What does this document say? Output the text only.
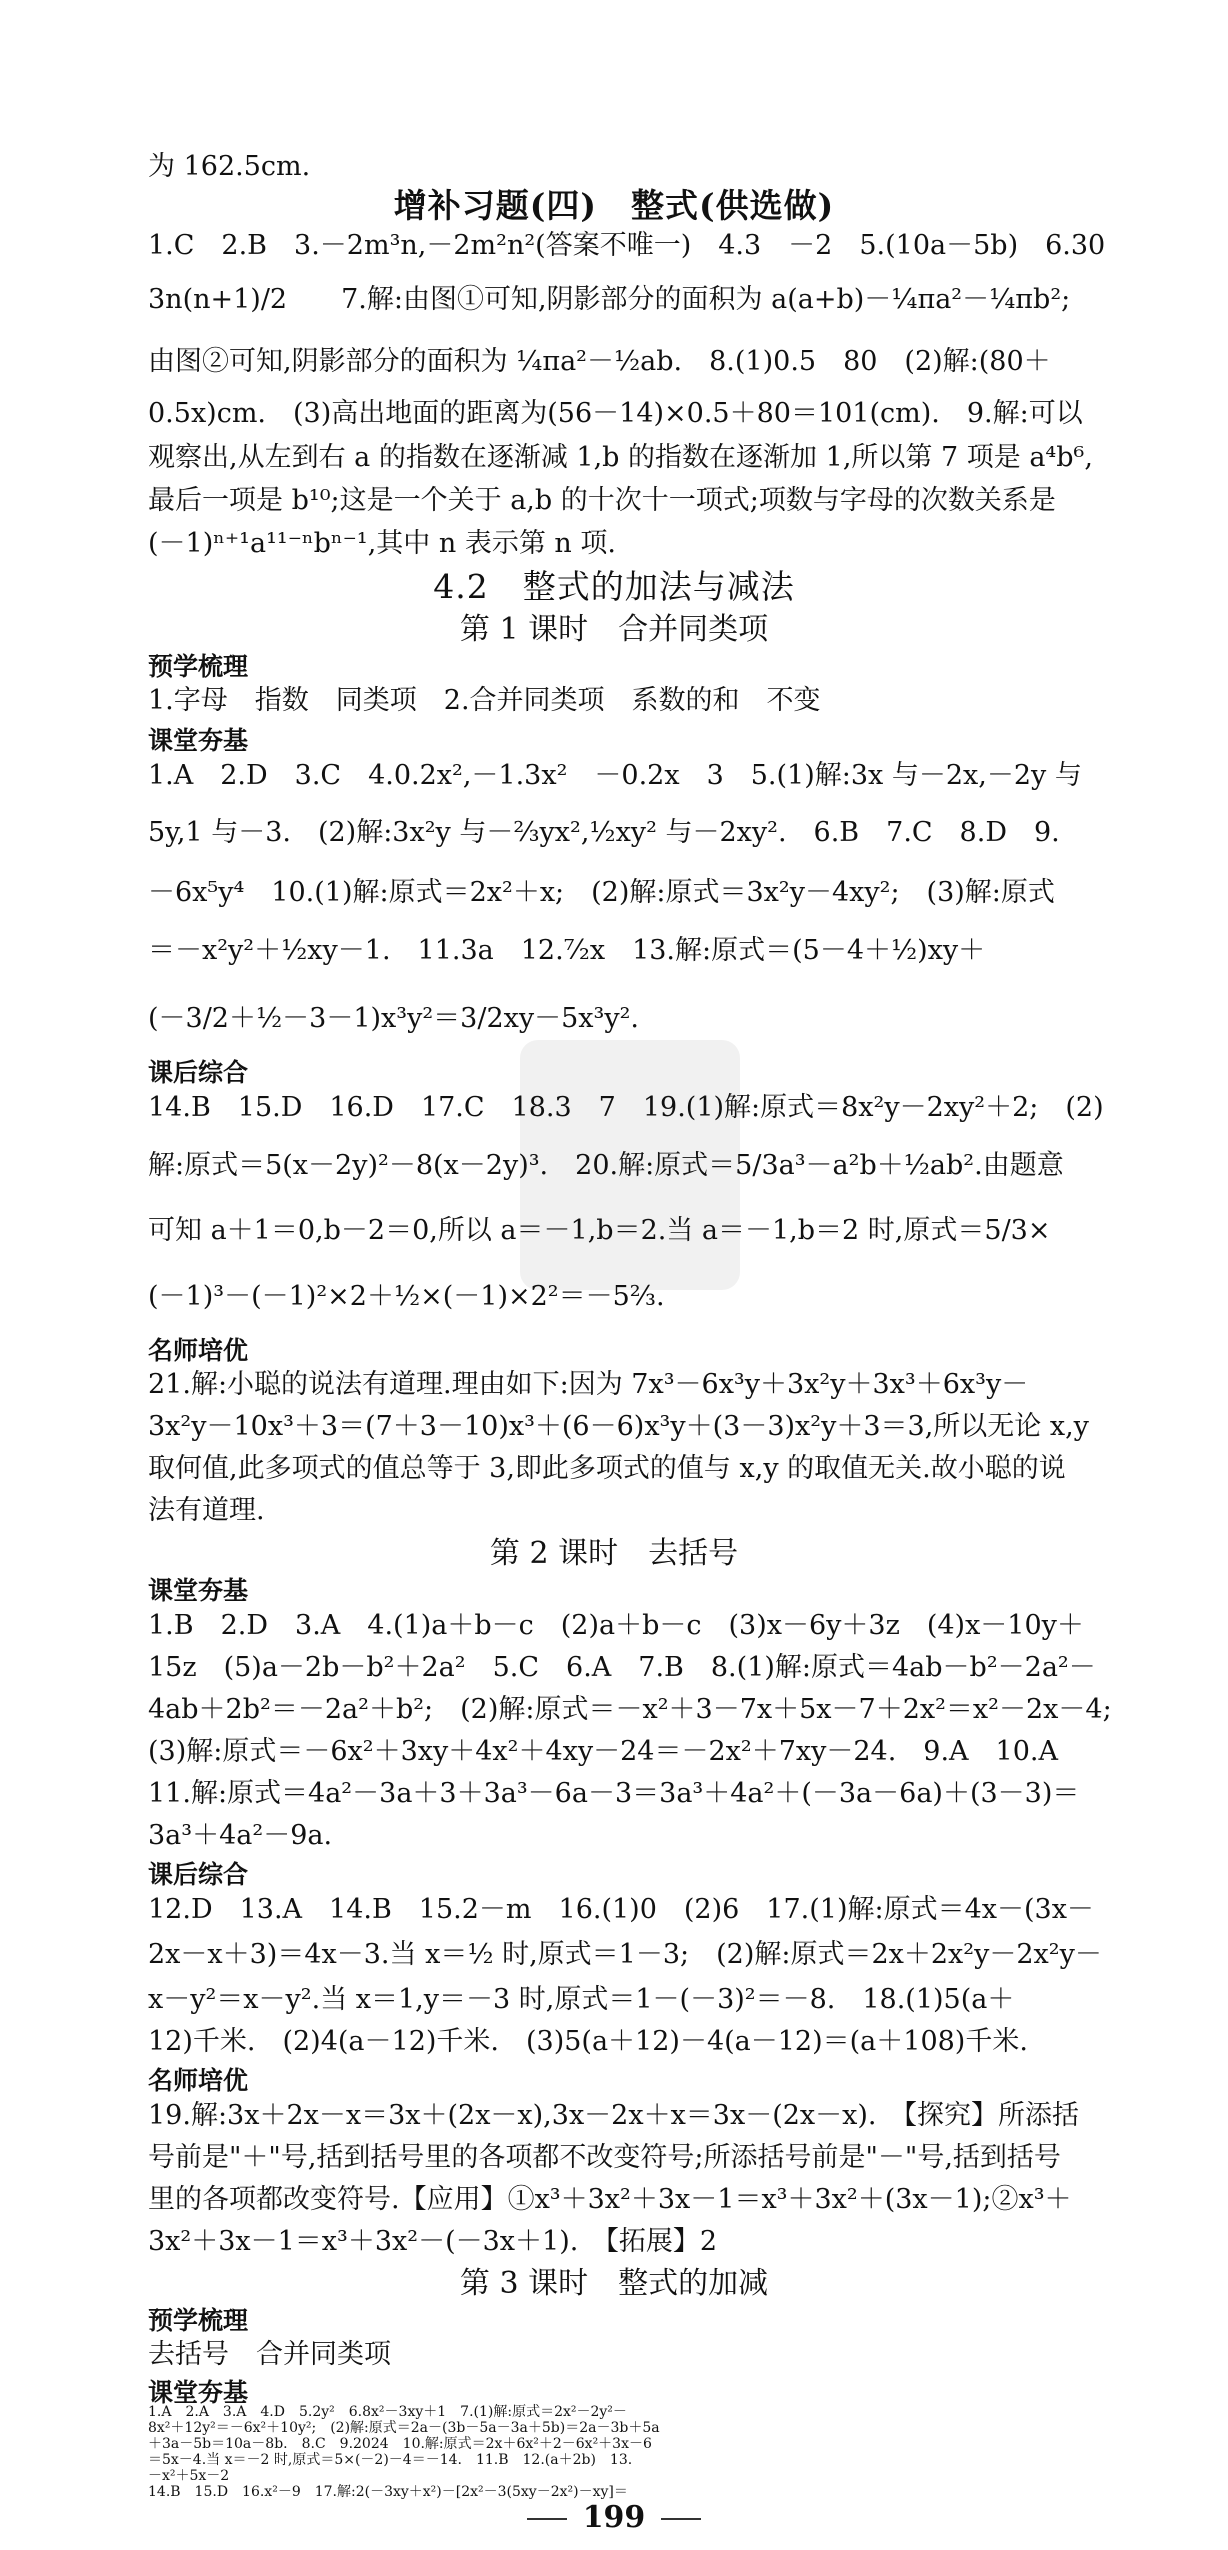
为 162.5cm.
增补习题(四)　整式(供选做)
1.C　2.B　3.－2m³n,－2m²n²(答案不唯一)　4.3　－2　5.(10a－5b)　6.30
3n(n+1)/2　　7.解:由图①可知,阴影部分的面积为 a(a+b)－¼πa²－¼πb²;
由图②可知,阴影部分的面积为 ¼πa²－½ab.　8.(1)0.5　80　(2)解:(80＋
0.5x)cm.　(3)高出地面的距离为(56－14)×0.5＋80＝101(cm).　9.解:可以
观察出,从左到右 a 的指数在逐渐减 1,b 的指数在逐渐加 1,所以第 7 项是 a⁴b⁶,
最后一项是 b¹⁰;这是一个关于 a,b 的十次十一项式;项数与字母的次数关系是
(－1)ⁿ⁺¹a¹¹⁻ⁿbⁿ⁻¹,其中 n 表示第 n 项.
4.2　整式的加法与减法
第 1 课时　合并同类项
预学梳理
1.字母　指数　同类项　2.合并同类项　系数的和　不变
课堂夯基
1.A　2.D　3.C　4.0.2x²,－1.3x²　－0.2x　3　5.(1)解:3x 与－2x,－2y 与
5y,1 与－3.　(2)解:3x²y 与－⅔yx²,½xy² 与－2xy².　6.B　7.C　8.D　9.
－6x⁵y⁴　10.(1)解:原式＝2x²＋x;　(2)解:原式＝3x²y－4xy²;　(3)解:原式
＝－x²y²＋½xy－1.　11.3a　12.⁷⁄₂x　13.解:原式＝(5－4＋½)xy＋
(－3/2＋½－3－1)x³y²＝3/2xy－5x³y².
课后综合
14.B　15.D　16.D　17.C　18.3　7　19.(1)解:原式＝8x²y－2xy²＋2;　(2)
解:原式＝5(x－2y)²－8(x－2y)³.　20.解:原式＝5/3a³－a²b＋½ab².由题意
可知 a＋1＝0,b－2＝0,所以 a＝－1,b＝2.当 a＝－1,b＝2 时,原式＝5/3×
(－1)³－(－1)²×2＋½×(－1)×2²＝－5⅔.
名师培优
21.解:小聪的说法有道理.理由如下:因为 7x³－6x³y＋3x²y＋3x³＋6x³y－
3x²y－10x³＋3＝(7＋3－10)x³＋(6－6)x³y＋(3－3)x²y＋3＝3,所以无论 x,y
取何值,此多项式的值总等于 3,即此多项式的值与 x,y 的取值无关.故小聪的说
法有道理.
第 2 课时　去括号
课堂夯基
1.B　2.D　3.A　4.(1)a＋b－c　(2)a＋b－c　(3)x－6y＋3z　(4)x－10y＋
15z　(5)a－2b－b²＋2a²　5.C　6.A　7.B　8.(1)解:原式＝4ab－b²－2a²－
4ab＋2b²＝－2a²＋b²;　(2)解:原式＝－x²＋3－7x＋5x－7＋2x²＝x²－2x－4;
(3)解:原式＝－6x²＋3xy＋4x²＋4xy－24＝－2x²＋7xy－24.　9.A　10.A
11.解:原式＝4a²－3a＋3＋3a³－6a－3＝3a³＋4a²＋(－3a－6a)＋(3－3)＝
3a³＋4a²－9a.
课后综合
12.D　13.A　14.B　15.2－m　16.(1)0　(2)6　17.(1)解:原式＝4x－(3x－
2x－x＋3)＝4x－3.当 x＝½ 时,原式＝1－3;　(2)解:原式＝2x＋2x²y－2x²y－
x－y²＝x－y².当 x＝1,y＝－3 时,原式＝1－(－3)²＝－8.　18.(1)5(a＋
12)千米.　(2)4(a－12)千米.　(3)5(a＋12)－4(a－12)＝(a＋108)千米.
名师培优
19.解:3x＋2x－x＝3x＋(2x－x),3x－2x＋x＝3x－(2x－x).　【探究】所添括
号前是"＋"号,括到括号里的各项都不改变符号;所添括号前是"－"号,括到括号
里的各项都改变符号.【应用】①x³＋3x²＋3x－1＝x³＋3x²＋(3x－1);②x³＋
3x²＋3x－1＝x³＋3x²－(－3x＋1).　【拓展】2
第 3 课时　整式的加减
预学梳理
去括号　合并同类项
课堂夯基
1.A　2.A　3.A　4.D　5.2y²　6.8x²－3xy＋1　7.(1)解:原式＝2x²－2y²－
8x²＋12y²＝－6x²＋10y²;　(2)解:原式＝2a－(3b－5a－3a＋5b)＝2a－3b＋5a
＋3a－5b＝10a－8b.　8.C　9.2024　10.解:原式＝2x＋6x²＋2－6x²＋3x－6
＝5x－4.当 x＝－2 时,原式＝5×(－2)－4＝－14.　11.B　12.(a＋2b)　13.
－x²＋5x－2
14.B　15.D　16.x²－9　17.解:2(－3xy＋x²)－[2x²－3(5xy－2x²)－xy]＝
199
